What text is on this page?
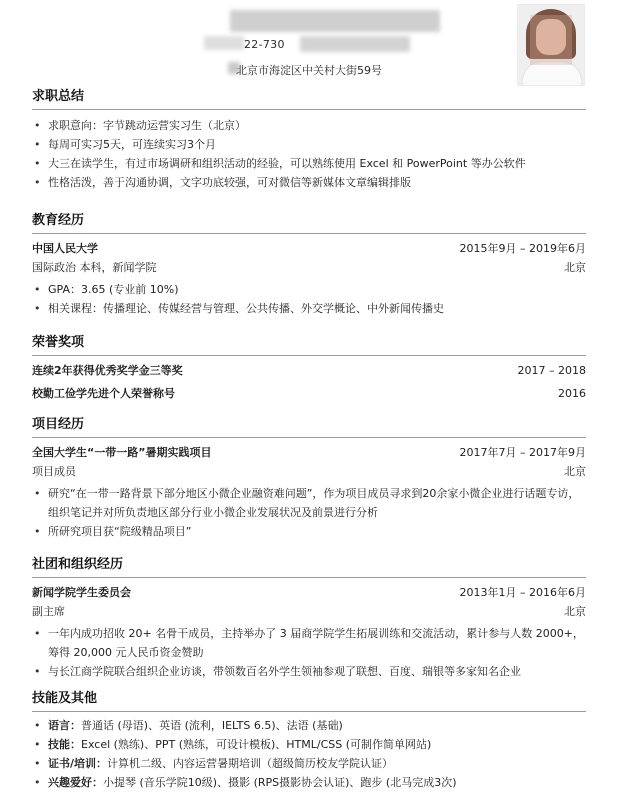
22-730
北京市海淀区中关村大街59号
求职总结
• 求职意向：字节跳动运营实习生（北京）
• 每周可实习5天，可连续实习3个月
• 大三在读学生，有过市场调研和组织活动的经验，可以熟练使用 Excel 和 PowerPoint 等办公软件
• 性格活泼，善于沟通协调，文字功底较强，可对微信等新媒体文章编辑排版
教育经历
中国人民大学	2015年9月 – 2019年6月
国际政治 本科，新闻学院	北京
• GPA：3.65 (专业前 10%)
• 相关课程：传播理论、传媒经营与管理、公共传播、外交学概论、中外新闻传播史
荣誉奖项
连续2年获得优秀奖学金三等奖	2017 – 2018
校勤工俭学先进个人荣誉称号	2016
项目经历
全国大学生“一带一路”暑期实践项目	2017年7月 – 2017年9月
项目成员	北京
• 研究“在一带一路背景下部分地区小微企业融资难问题”，作为项目成员寻求到20余家小微企业进行话题专访，组织笔记并对所负责地区部分行业小微企业发展状况及前景进行分析
• 所研究项目获“院级精品项目”
社团和组织经历
新闻学院学生委员会	2013年1月 – 2016年6月
副主席	北京
• 一年内成功招收 20+ 名骨干成员，主持举办了 3 届商学院学生拓展训练和交流活动，累计参与人数 2000+，筹得 20,000 元人民币资金赞助
• 与长江商学院联合组织企业访谈，带领数百名外学生领袖参观了联想、百度、瑞银等多家知名企业
技能及其他
• 语言：普通话 (母语)、英语 (流利，IELTS 6.5)、法语 (基础)
• 技能：Excel (熟练)、PPT (熟练，可设计模板)、HTML/CSS (可制作简单网站)
• 证书/培训：计算机二级、内容运营暑期培训（超级简历校友学院认证）
• 兴趣爱好：小提琴 (音乐学院10级)、摄影 (RPS摄影协会认证)、跑步 (北马完成3次)
